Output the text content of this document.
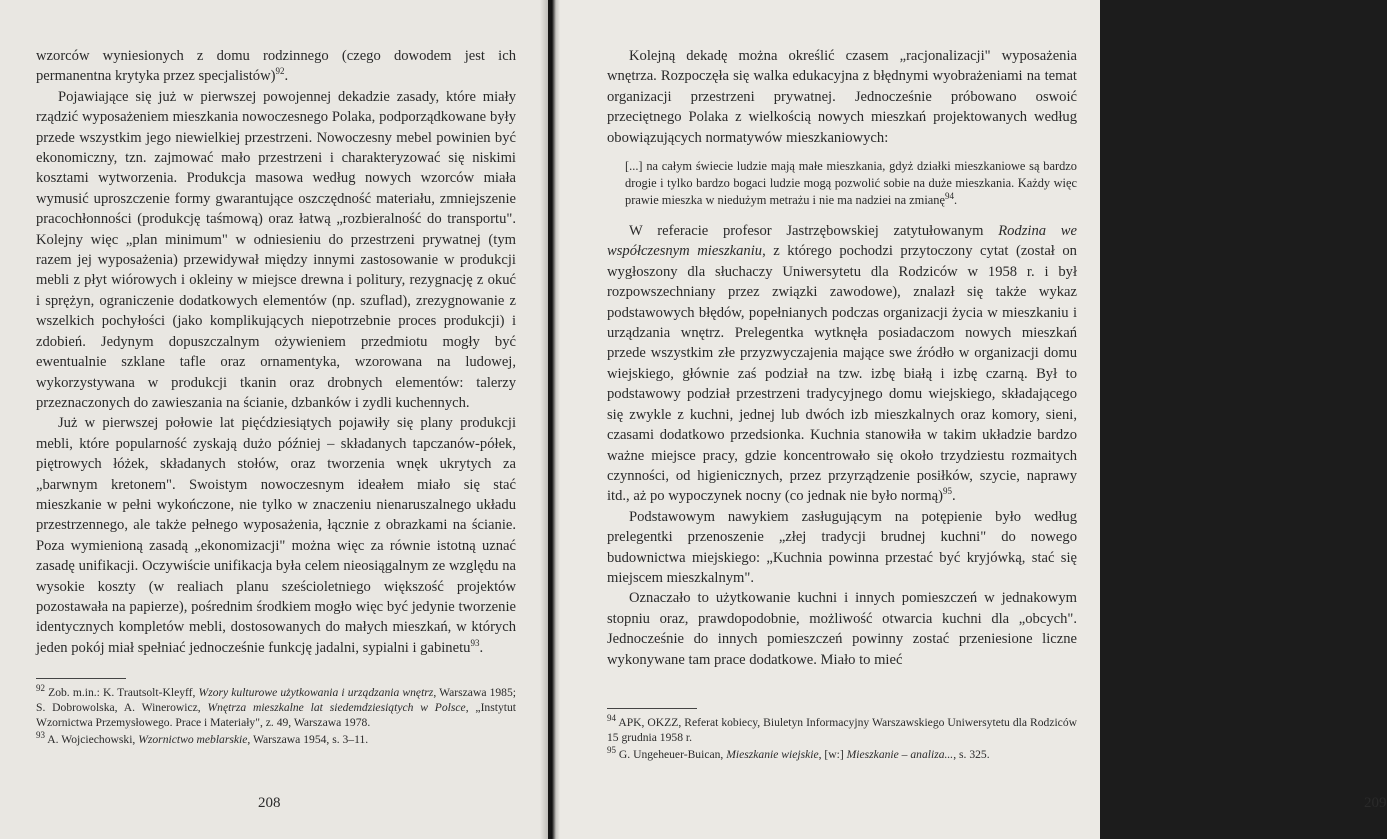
wzorców wyniesionych z domu rodzinnego (czego dowodem jest ich permanentna krytyka przez specjalistów)$^{92}$.

Pojawiające się już w pierwszej powojennej dekadzie zasady, które miały rządzić wyposażeniem mieszkania nowoczesnego Polaka, podporządkowane były przede wszystkim jego niewielkiej przestrzeni. Nowoczesny mebel powinien być ekonomiczny, tzn. zajmować mało przestrzeni i charakteryzować się niskimi kosztami wytworzenia. Produkcja masowa według nowych wzorców miała wymusić uproszczenie formy gwarantujące oszczędność materiału, zmniejszenie pracochłonności (produkcję taśmową) oraz łatwą „rozbieralność do transportu". Kolejny więc „plan minimum" w odniesieniu do przestrzeni prywatnej (tym razem jej wyposażenia) przewidywał między innymi zastosowanie w produkcji mebli z płyt wiórowych i okleiny w miejsce drewna i politury, rezygnację z okuć i sprężyn, ograniczenie dodatkowych elementów (np. szuflad), zrezygnowanie z wszelkich pochyłości (jako komplikujących niepotrzebnie proces produkcji) i zdobień. Jedynym dopuszczalnym ożywieniem przedmiotu mogły być ewentualnie szklane tafle oraz ornamentyka, wzorowana na ludowej, wykorzystywana w produkcji tkanin oraz drobnych elementów: talerzy przeznaczonych do zawieszania na ścianie, dzbanków i zydli kuchennych.

Już w pierwszej połowie lat pięćdziesiątych pojawiły się plany produkcji mebli, które popularność zyskają dużo później – składanych tapczanów-półek, piętrowych łóżek, składanych stołów, oraz tworzenia wnęk ukrytych za „barwnym kretonem". Swoistym nowoczesnym ideałem miało się stać mieszkanie w pełni wykończone, nie tylko w znaczeniu nienaruszalnego układu przestrzennego, ale także pełnego wyposażenia, łącznie z obrazkami na ścianie. Poza wymienioną zasadą „ekonomizacji" można więc za równie istotną uznać zasadę unifikacji. Oczywiście unifikacja była celem nieosiągalnym ze względu na wysokie koszty (w realiach planu sześcioletniego większość projektów pozostawała na papierze), pośrednim środkiem mogło więc być jedynie tworzenie identycznych kompletów mebli, dostosowanych do małych mieszkań, w których jeden pokój miał spełniać jednocześnie funkcję jadalni, sypialni i gabinetu$^{93}$.

$^{92}$ Zob. m.in.: K. Trautsolt-Kleyff, Wzory kulturowe użytkowania i urządzania wnętrz, Warszawa 1985; S. Dobrowolska, A. Winerowicz, Wnętrza mieszkalne lat siedemdziesiątych w Polsce, „Instytut Wzornictwa Przemysłowego. Prace i Materiały", z. 49, Warszawa 1978.

$^{93}$ A. Wojciechowski, Wzornictwo meblarskie, Warszawa 1954, s. 3–11.

208

Kolejną dekadę można określić czasem „racjonalizacji" wyposażenia wnętrza. Rozpoczęła się walka edukacyjna z błędnymi wyobrażeniami na temat organizacji przestrzeni prywatnej. Jednocześnie próbowano oswoić przeciętnego Polaka z wielkością nowych mieszkań projektowanych według obowiązujących normatywów mieszkaniowych:

[...] na całym świecie ludzie mają małe mieszkania, gdyż działki mieszkaniowe są bardzo drogie i tylko bardzo bogaci ludzie mogą pozwolić sobie na duże mieszkania. Każdy więc prawie mieszka w niedużym metrażu i nie ma nadziei na zmianę$^{94}$.

W referacie profesor Jastrzębowskiej zatytułowanym Rodzina we współczesnym mieszkaniu, z którego pochodzi przytoczony cytat (został on wygłoszony dla słuchaczy Uniwersytetu dla Rodziców w 1958 r. i był rozpowszechniany przez związki zawodowe), znalazł się także wykaz podstawowych błędów, popełnianych podczas organizacji życia w mieszkaniu i urządzania wnętrz. Prelegentka wytknęła posiadaczom nowych mieszkań przede wszystkim złe przyzwyczajenia mające swe źródło w organizacji domu wiejskiego, głównie zaś podział na tzw. izbę białą i izbę czarną. Był to podstawowy podział przestrzeni tradycyjnego domu wiejskiego, składającego się zwykle z kuchni, jednej lub dwóch izb mieszkalnych oraz komory, sieni, czasami dodatkowo przedsionka. Kuchnia stanowiła w takim układzie bardzo ważne miejsce pracy, gdzie koncentrowało się około trzydziestu rozmaitych czynności, od higienicznych, przez przyrządzenie posiłków, szycie, naprawy itd., aż po wypoczynek nocny (co jednak nie było normą)$^{95}$.

Podstawowym nawykiem zasługującym na potępienie było według prelegentki przenoszenie „złej tradycji brudnej kuchni" do nowego budownictwa miejskiego: „Kuchnia powinna przestać być kryjówką, stać się miejscem mieszkalnym".

Oznaczało to użytkowanie kuchni i innych pomieszczeń w jednakowym stopniu oraz, prawdopodobnie, możliwość otwarcia kuchni dla „obcych". Jednocześnie do innych pomieszczeń powinny zostać przeniesione liczne wykonywane tam prace dodatkowe. Miało to mieć

$^{94}$ APK, OKZZ, Referat kobiecy, Biuletyn Informacyjny Warszawskiego Uniwersytetu dla Rodziców 15 grudnia 1958 r.

$^{95}$ G. Ungeheuer-Buican, Mieszkanie wiejskie, [w:] Mieszkanie – analiza..., s. 325.

209
